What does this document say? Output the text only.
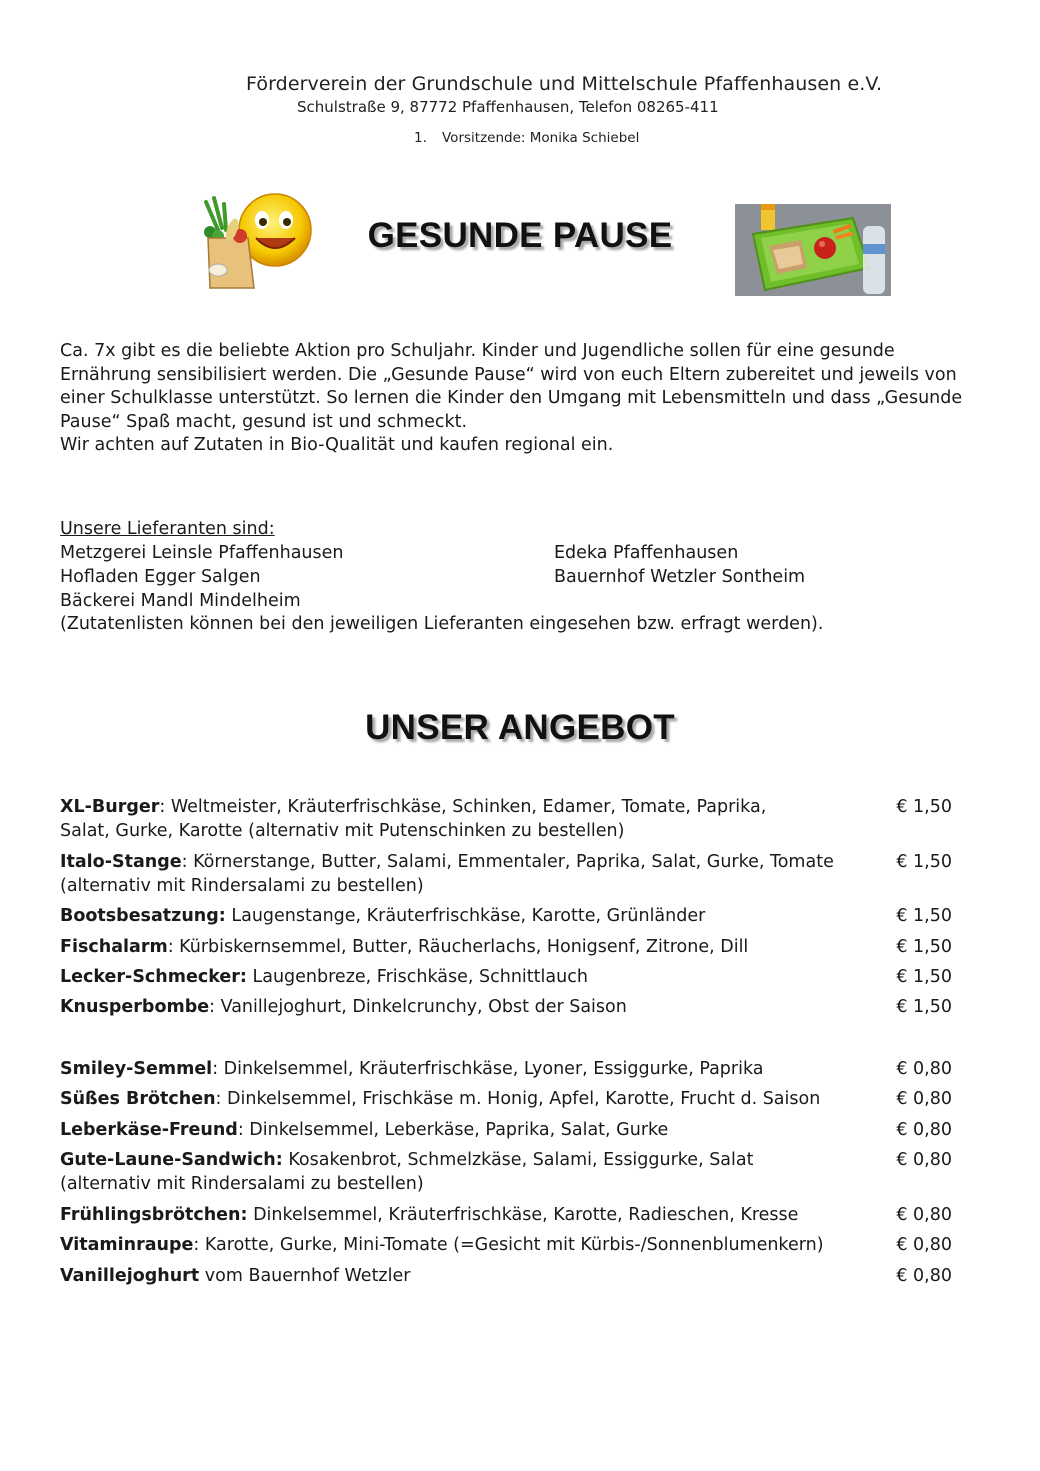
Förderverein der Grundschule und Mittelschule Pfaffenhausen e.V.
Schulstraße 9, 87772 Pfaffenhausen, Telefon 08265-411
1. Vorsitzende: Monika Schiebel
GESUNDE PAUSE

Ca. 7x gibt es die beliebte Aktion pro Schuljahr. Kinder und Jugendliche sollen für eine gesunde Ernährung sensibilisiert werden. Die „Gesunde Pause“ wird von euch Eltern zubereitet und jeweils von einer Schulklasse unterstützt. So lernen die Kinder den Umgang mit Lebensmitteln und dass „Gesunde Pause“ Spaß macht, gesund ist und schmeckt.

Wir achten auf Zutaten in Bio-Qualität und kaufen regional ein.

Unsere Lieferanten sind:
Metzgerei Leinsle Pfaffenhausen
Hofladen Egger Salgen
Bäckerei Mandl Mindelheim
Edeka Pfaffenhausen
Bauernhof Wetzler Sontheim
(Zutatenlisten können bei den jeweiligen Lieferanten eingesehen bzw. erfragt werden).
UNSER ANGEBOT
XL-Burger: Weltmeister, Kräuterfrischkäse, Schinken, Edamer, Tomate, Paprika,
Salat, Gurke, Karotte (alternativ mit Putenschinken zu bestellen)
€ 1,50
Italo-Stange: Körnerstange, Butter, Salami, Emmentaler, Paprika, Salat, Gurke, Tomate
(alternativ mit Rindersalami zu bestellen)
€ 1,50
Bootsbesatzung: Laugenstange, Kräuterfrischkäse, Karotte, Grünländer	€ 1,50
Fischalarm: Kürbiskernsemmel, Butter, Räucherlachs, Honigsenf, Zitrone, Dill	€ 1,50
Lecker-Schmecker: Laugenbreze, Frischkäse, Schnittlauch	€ 1,50
Knusperbombe: Vanillejoghurt, Dinkelcrunchy, Obst der Saison	€ 1,50
Smiley-Semmel: Dinkelsemmel, Kräuterfrischkäse, Lyoner, Essiggurke, Paprika	€ 0,80
Süßes Brötchen: Dinkelsemmel, Frischkäse m. Honig, Apfel, Karotte, Frucht d. Saison	€ 0,80
Leberkäse-Freund: Dinkelsemmel, Leberkäse, Paprika, Salat, Gurke	€ 0,80
Gute-Laune-Sandwich: Kosakenbrot, Schmelzkäse, Salami, Essiggurke, Salat
(alternativ mit Rindersalami zu bestellen)
€ 0,80
Frühlingsbrötchen: Dinkelsemmel, Kräuterfrischkäse, Karotte, Radieschen, Kresse	€ 0,80
Vitaminraupe: Karotte, Gurke, Mini-Tomate (=Gesicht mit Kürbis-/Sonnenblumenkern)	€ 0,80
Vanillejoghurt vom Bauernhof Wetzler	€ 0,80
